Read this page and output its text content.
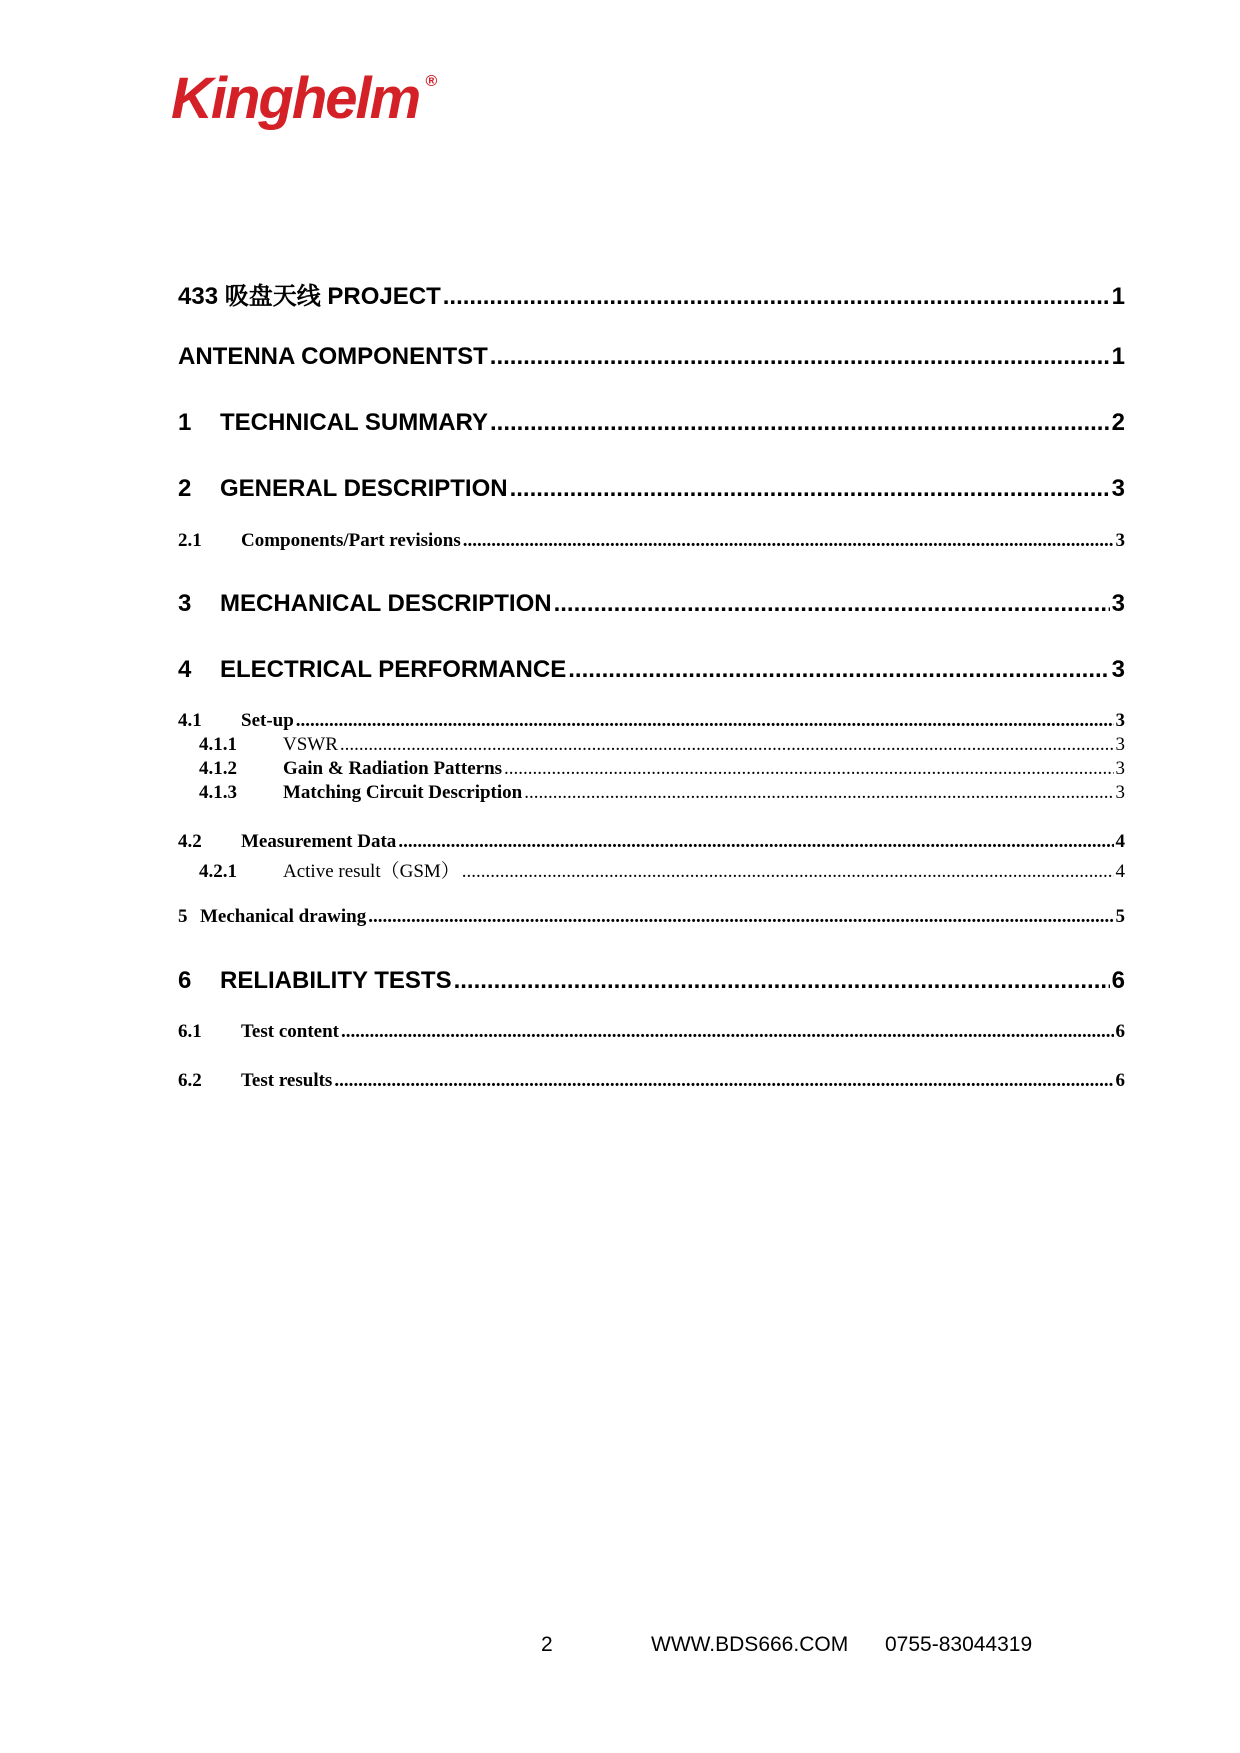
Kinghelm ®
433 吸盘天线 PROJECT .....	1
ANTENNA COMPONENTST .....	1
1	TECHNICAL SUMMARY .....	2
2	GENERAL DESCRIPTION .....	3
2.1	Components/Part revisions .....	3
3	MECHANICAL DESCRIPTION .....	3
4	ELECTRICAL PERFORMANCE .....	3
4.1	Set-up .....	3
4.1.1	VSWR .....	3
4.1.2	Gain & Radiation Patterns .....	3
4.1.3	Matching Circuit Description .....	3
4.2	Measurement Data .....	4
4.2.1	Active result（GSM） .....	4
5 Mechanical drawing .....	5
6	RELIABILITY TESTS .....	6
6.1	Test content .....	6
6.2	Test results .....	6
2	WWW.BDS666.COM 0755-83044319
